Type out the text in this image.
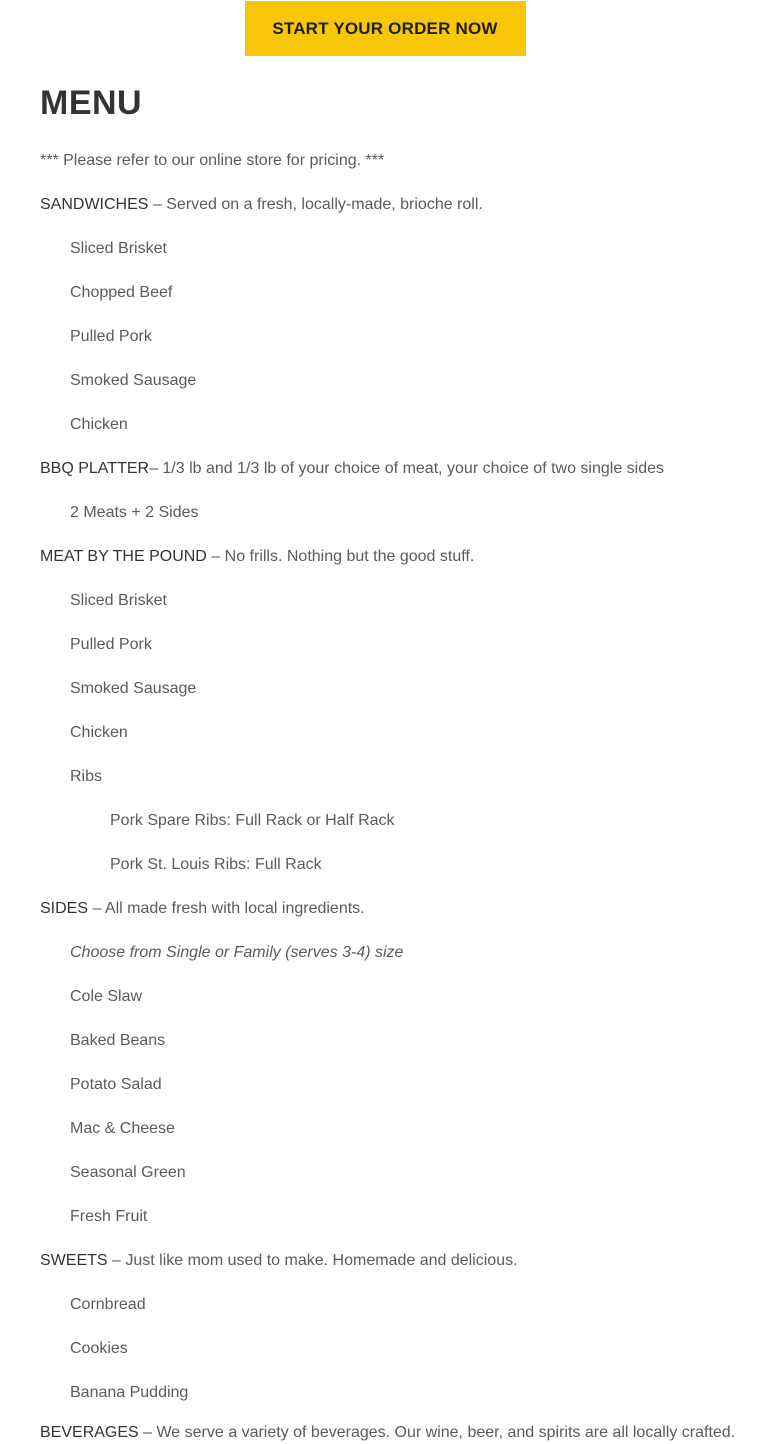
START YOUR ORDER NOW
MENU
*** Please refer to our online store for pricing. ***
SANDWICHES – Served on a fresh, locally-made, brioche roll.
Sliced Brisket
Chopped Beef
Pulled Pork
Smoked Sausage
Chicken
BBQ PLATTER– 1/3 lb and 1/3 lb of your choice of meat, your choice of two single sides
2 Meats + 2 Sides
MEAT BY THE POUND – No frills. Nothing but the good stuff.
Sliced Brisket
Pulled Pork
Smoked Sausage
Chicken
Ribs
Pork Spare Ribs: Full Rack or Half Rack
Pork St. Louis Ribs: Full Rack
SIDES – All made fresh with local ingredients.
Choose from Single or Family (serves 3-4) size
Cole Slaw
Baked Beans
Potato Salad
Mac & Cheese
Seasonal Green
Fresh Fruit
SWEETS – Just like mom used to make. Homemade and delicious.
Cornbread
Cookies
Banana Pudding
BEVERAGES – We serve a variety of beverages. Our wine, beer, and spirits are all locally crafted.
